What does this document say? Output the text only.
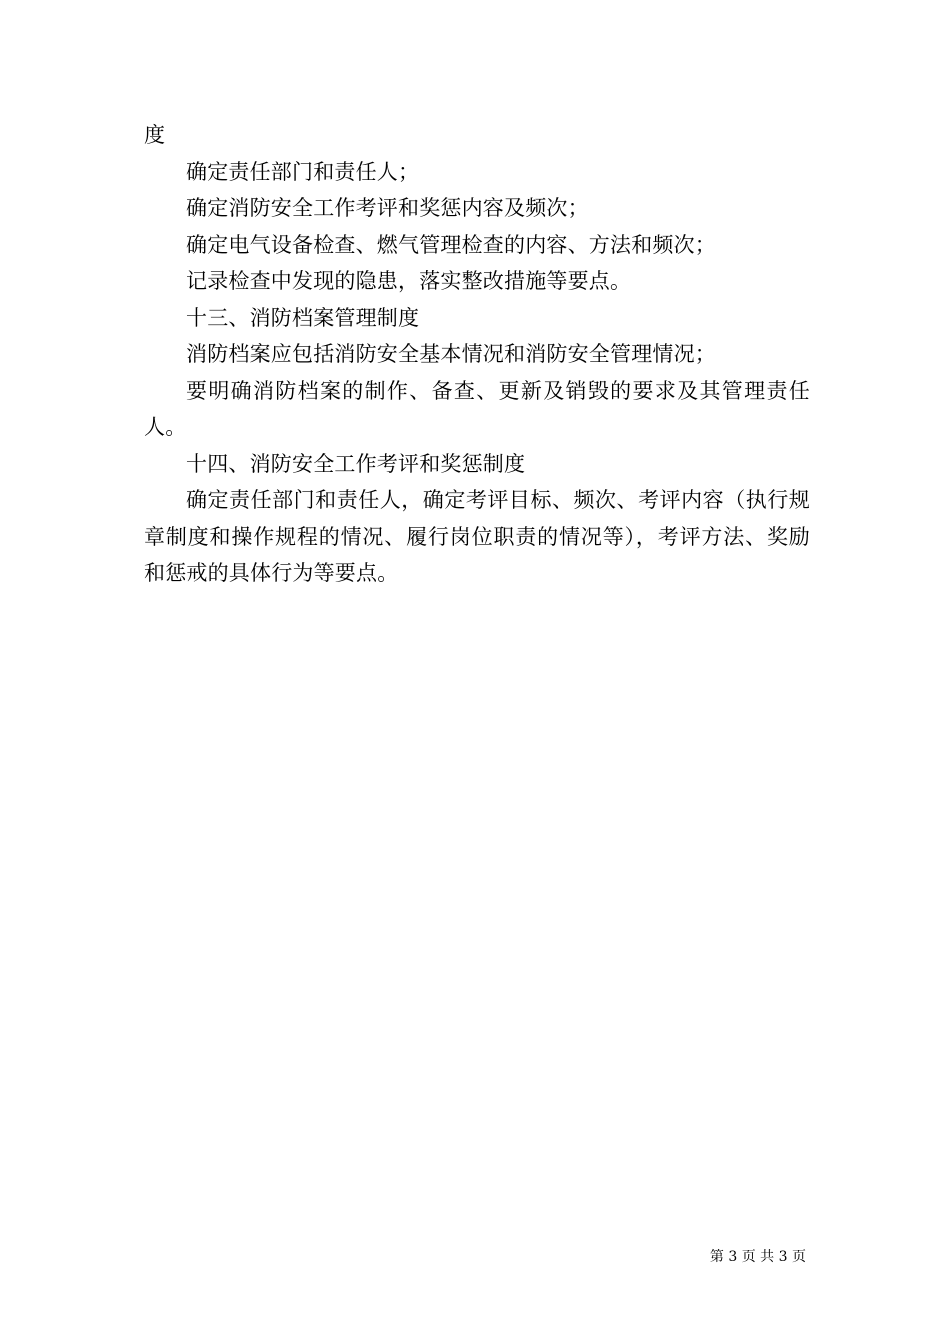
度

确定责任部门和责任人；

确定消防安全工作考评和奖惩内容及频次；

确定电气设备检查、燃气管理检查的内容、方法和频次；

记录检查中发现的隐患，落实整改措施等要点。

十三、消防档案管理制度

消防档案应包括消防安全基本情况和消防安全管理情况；

要明确消防档案的制作、备查、更新及销毁的要求及其管理责任人。

十四、消防安全工作考评和奖惩制度

确定责任部门和责任人，确定考评目标、频次、考评内容（执行规章制度和操作规程的情况、履行岗位职责的情况等），考评方法、奖励和惩戒的具体行为等要点。

第 3 页 共 3 页
